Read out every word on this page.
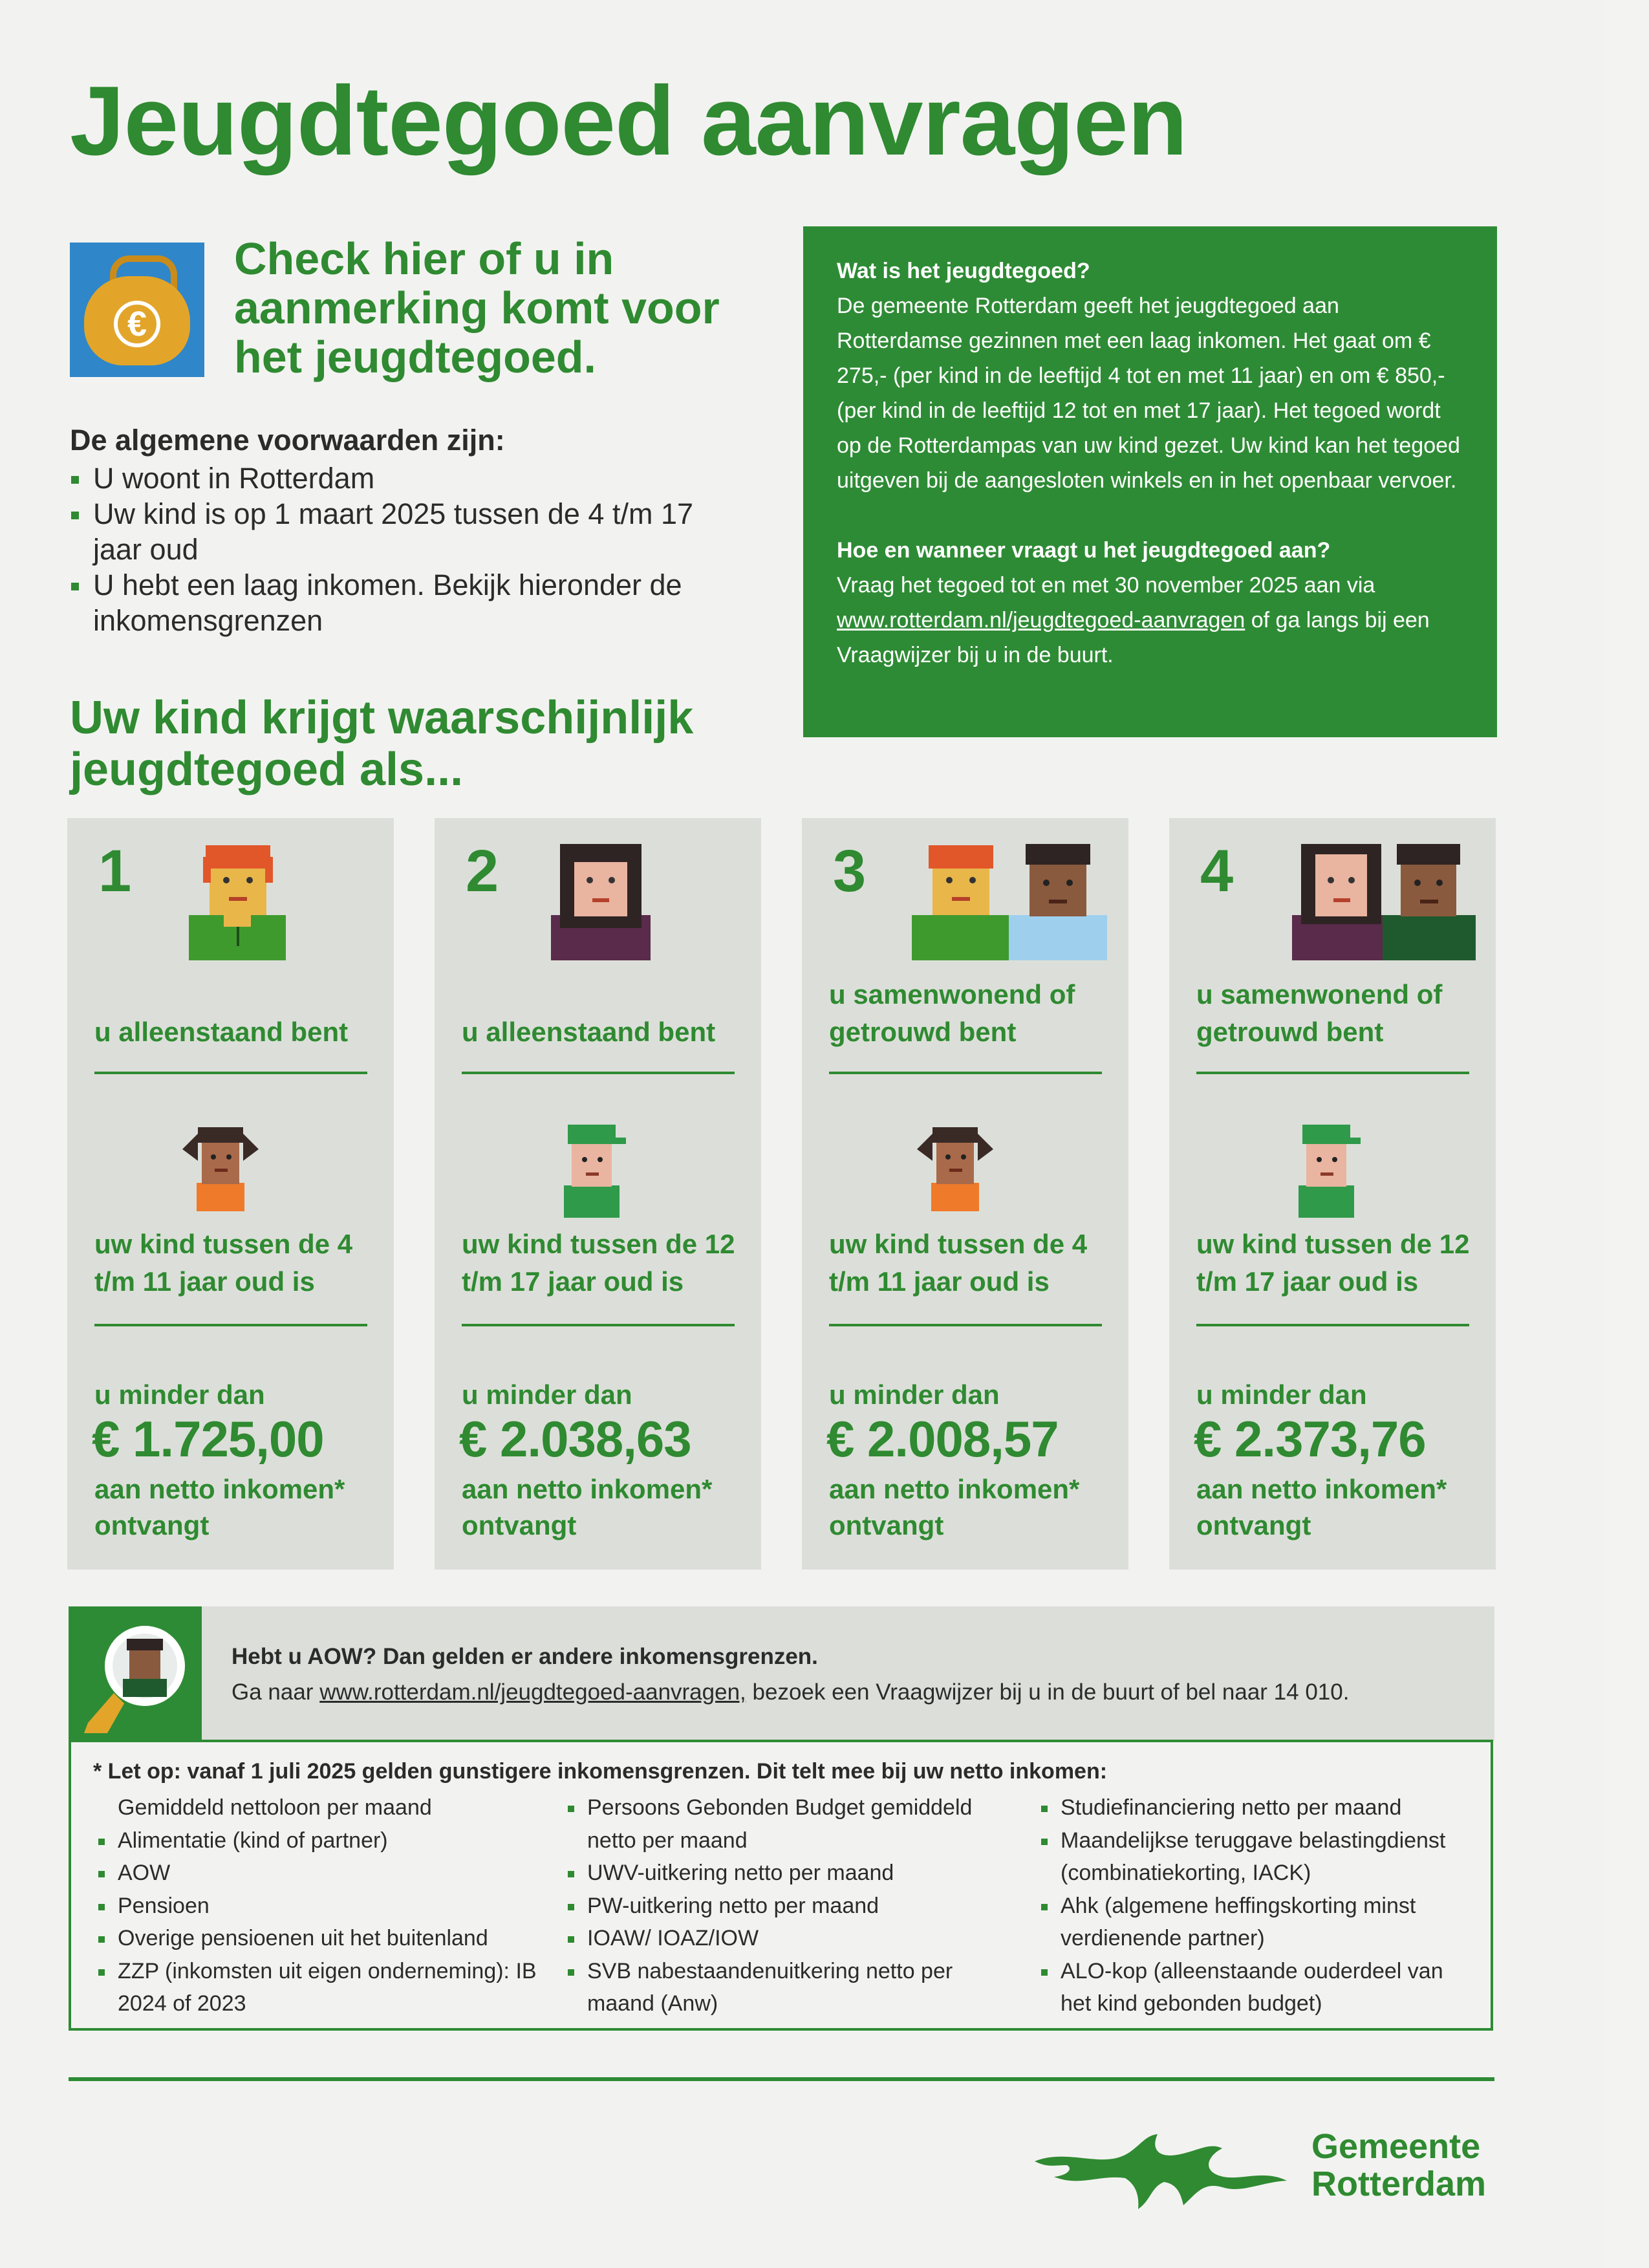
Jeugdtegoed aanvragen
€
Check hier of u in aanmerking komt voor het jeugdtegoed.
De algemene voorwaarden zijn:
U woont in Rotterdam
Uw kind is op 1 maart 2025 tussen de 4 t/m 17 jaar oud
U hebt een laag inkomen. Bekijk hieronder de inkomensgrenzen
Wat is het jeugdtegoed?
De gemeente Rotterdam geeft het jeugdtegoed aan Rotterdamse gezinnen met een laag inkomen. Het gaat om € 275,- (per kind in de leeftijd 4 tot en met 11 jaar) en om € 850,- (per kind in de leeftijd 12 tot en met 17 jaar). Het tegoed wordt op de Rotterdampas van uw kind gezet. Uw kind kan het tegoed uitgeven bij de aangesloten winkels en in het openbaar vervoer.
Hoe en wanneer vraagt u het jeugdtegoed aan?
Vraag het tegoed tot en met 30 november 2025 aan via www.rotterdam.nl/jeugdtegoed-aanvragen of ga langs bij een Vraagwijzer bij u in de buurt.
Uw kind krijgt waarschijnlijk jeugdtegoed als...
1
u alleenstaand bent
uw kind tussen de 4 t/m 11 jaar oud is
u minder dan
€ 1.725,00
aan netto inkomen* ontvangt
2
u alleenstaand bent
uw kind tussen de 12 t/m 17 jaar oud is
u minder dan
€ 2.038,63
aan netto inkomen* ontvangt
3
u samenwonend of getrouwd bent
uw kind tussen de 4 t/m 11 jaar oud is
u minder dan
€ 2.008,57
aan netto inkomen* ontvangt
4
u samenwonend of getrouwd bent
uw kind tussen de 12 t/m 17 jaar oud is
u minder dan
€ 2.373,76
aan netto inkomen* ontvangt
Hebt u AOW? Dan gelden er andere inkomensgrenzen.
Ga naar www.rotterdam.nl/jeugdtegoed-aanvragen, bezoek een Vraagwijzer bij u in de buurt of bel naar 14 010.
* Let op: vanaf 1 juli 2025 gelden gunstigere inkomensgrenzen. Dit telt mee bij uw netto inkomen:
Gemiddeld nettoloon per maand
Alimentatie (kind of partner)
AOW
Pensioen
Overige pensioenen uit het buitenland
ZZP (inkomsten uit eigen onderneming): IB 2024 of 2023
Persoons Gebonden Budget gemiddeld netto per maand
UWV-uitkering netto per maand
PW-uitkering netto per maand
IOAW/ IOAZ/IOW
SVB nabestaandenuitkering netto per maand (Anw)
Studiefinanciering netto per maand
Maandelijkse teruggave belastingdienst (combinatiekorting, IACK)
Ahk (algemene heffingskorting minst verdienende partner)
ALO-kop (alleenstaande ouderdeel van het kind gebonden budget)
Gemeente
Rotterdam
